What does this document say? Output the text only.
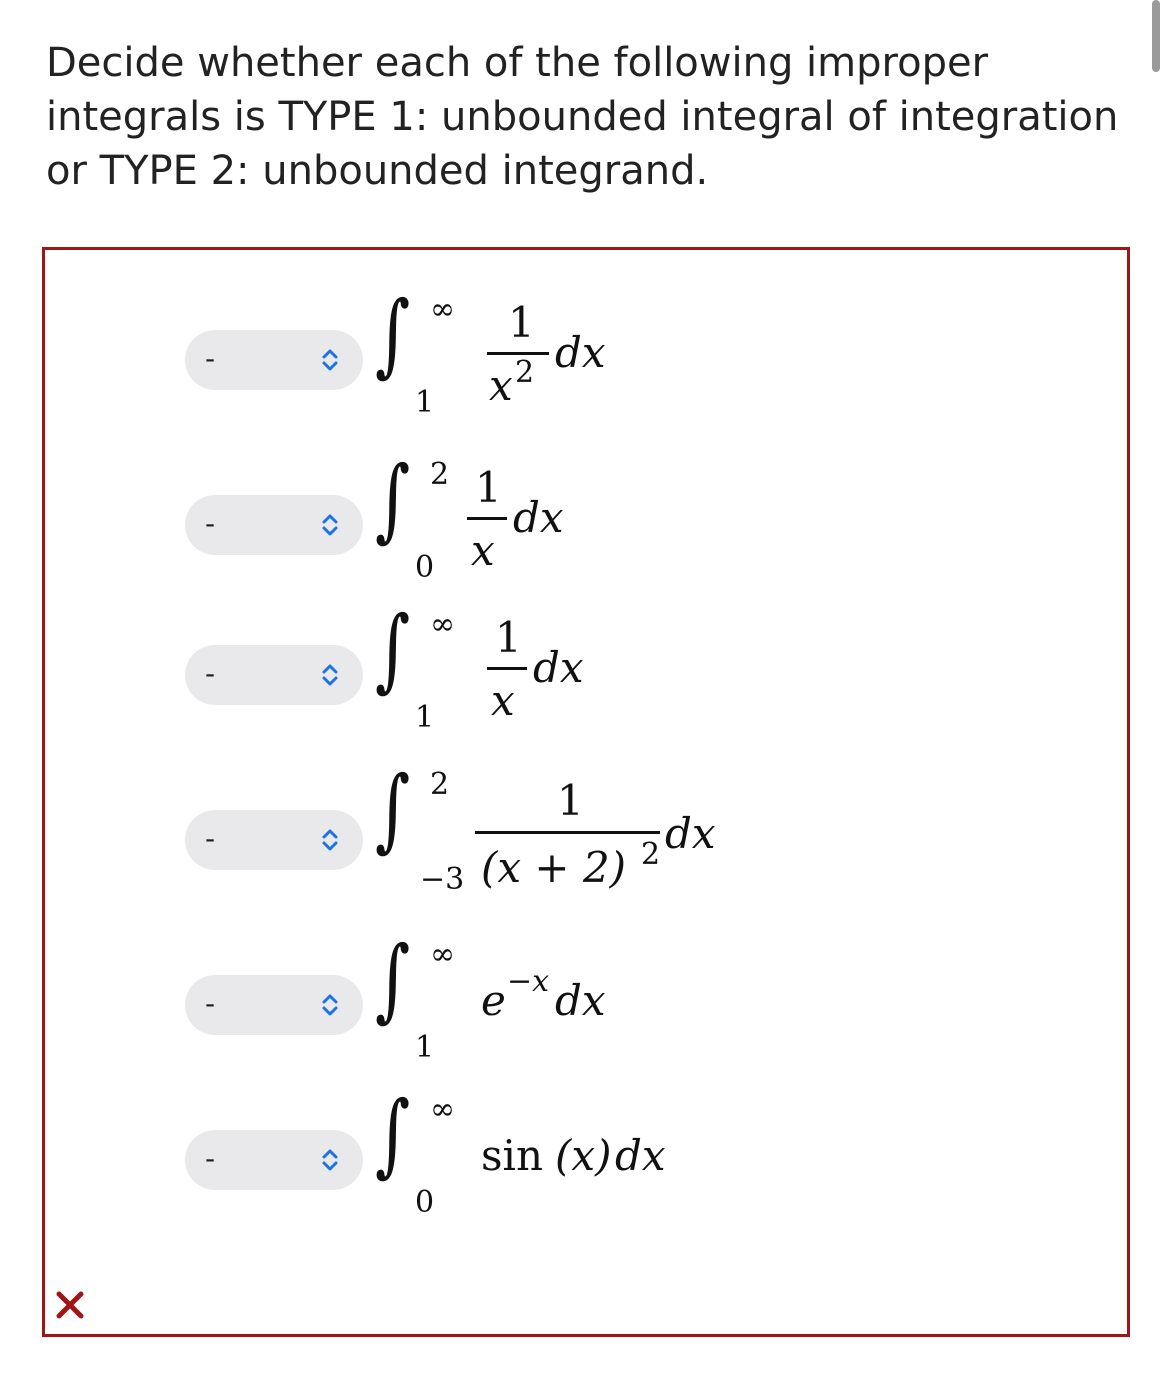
Decide whether each of the following improper integrals is TYPE 1: unbounded integral of integration or TYPE 2: unbounded integrand.
- ∫ ∞
1
1
x 2 dx
- ∫ 2
0
1
x
dx
- ∫ ∞
1
1
x
dx
- ∫ 2
−3
1
(x + 2) 2 dx
- ∫ ∞
1
e −x dx
- ∫ ∞
0
sin (x) dx
